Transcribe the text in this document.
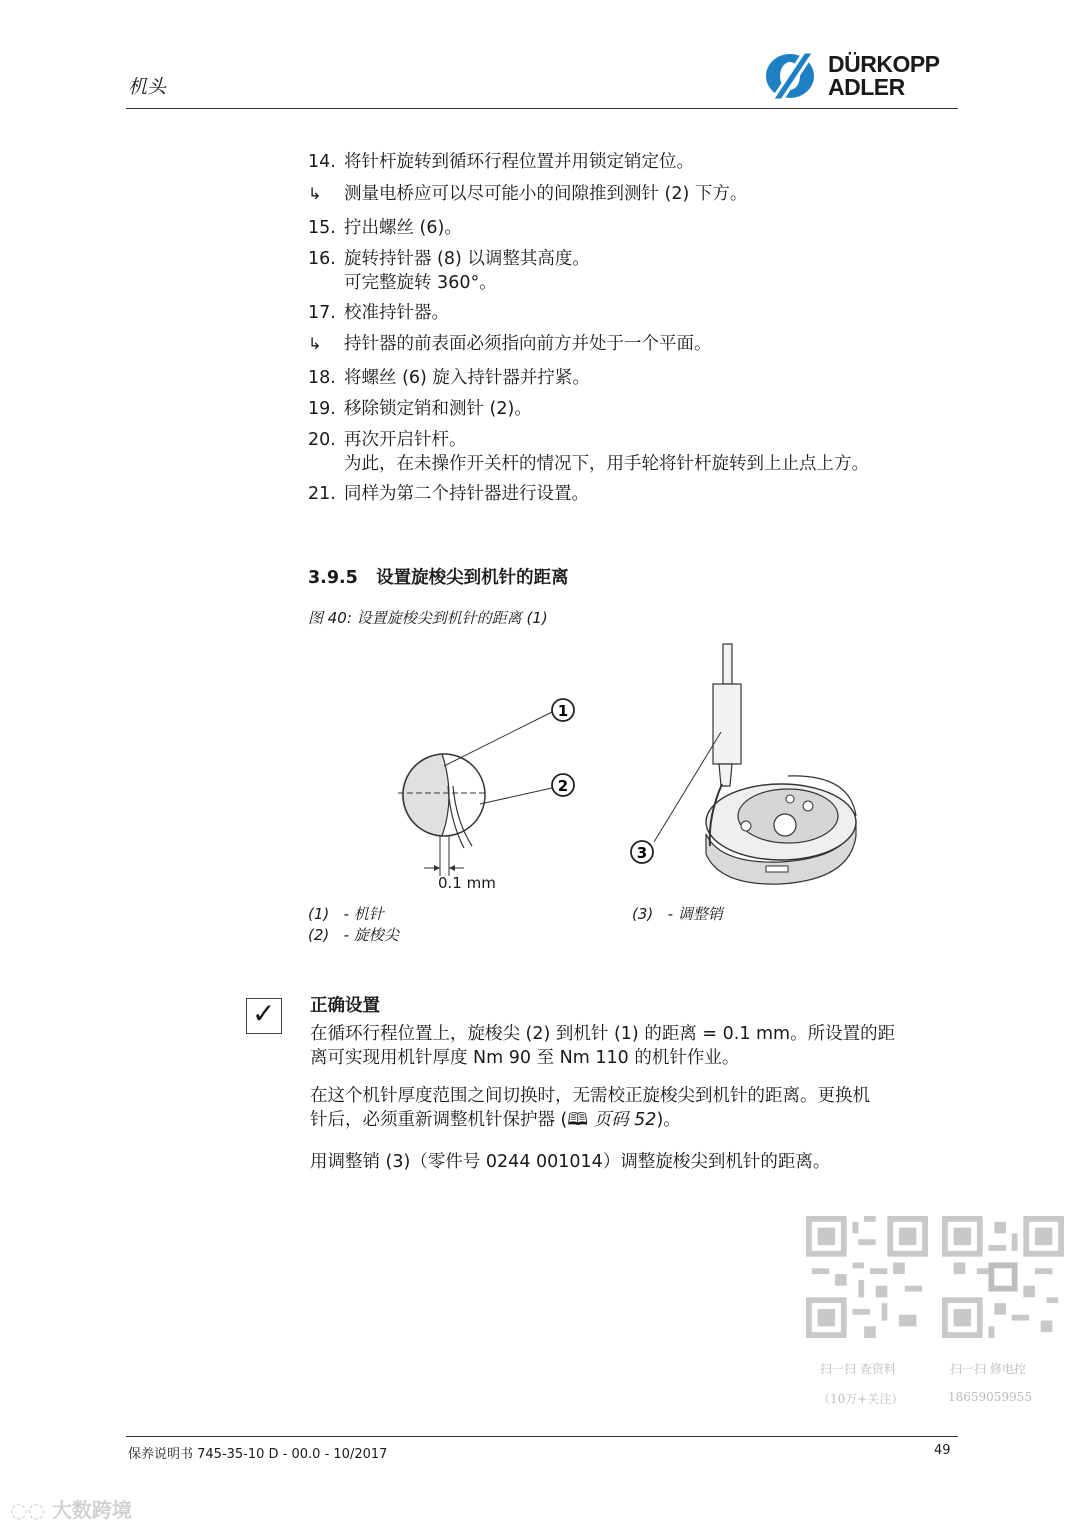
机头
DÜRKOPP
ADLER
14. 将针杆旋转到循环行程位置并用锁定销定位。
↳ 测量电桥应可以尽可能小的间隙推到测针 (2) 下方。
15. 拧出螺丝 (6)。
16. 旋转持针器 (8) 以调整其高度。
可完整旋转 360°。
17. 校准持针器。
↳ 持针器的前表面必须指向前方并处于一个平面。
18. 将螺丝 (6) 旋入持针器并拧紧。
19. 移除锁定销和测针 (2)。
20. 再次开启针杆。
为此，在未操作开关杆的情况下，用手轮将针杆旋转到上止点上方。
21. 同样为第二个持针器进行设置。
3.9.5 设置旋梭尖到机针的距离
图 40: 设置旋梭尖到机针的距离 (1)
0.1 mm
1
2
3
(1) - 机针
(2) - 旋梭尖
(3) - 调整销
✓ 正确设置
在循环行程位置上，旋梭尖 (2) 到机针 (1) 的距离 = 0.1 mm。所设置的距
离可实现用机针厚度 Nm 90 至 Nm 110 的机针作业。
在这个机针厚度范围之间切换时，无需校正旋梭尖到机针的距离。更换机
针后，必须重新调整机针保护器 (🕮 页码 52)。
用调整销 (3)（零件号 0244 001014）调整旋梭尖到机针的距离。
扫一扫 查资料
（10万+关注）
扫一扫 修电控
18659059955
保养说明书 745-35-10 D - 00.0 - 10/2017	49
◌◌ 大数跨境
